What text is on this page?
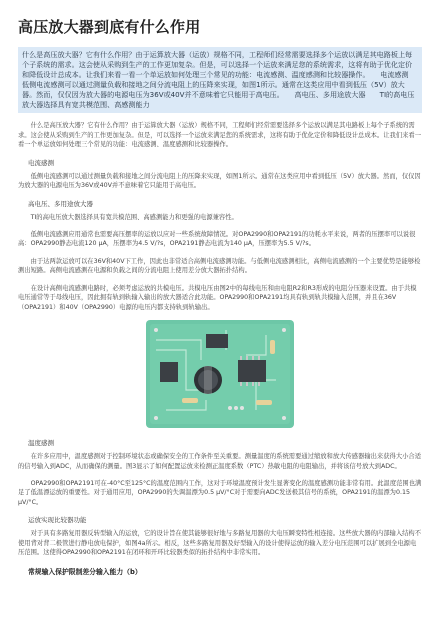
高压放大器到底有什么作用
什么是高压放大器？它有什么作用？由于运算放大器（运放）规格不同，工程师们经常需要选择多个运放以满足其电路板上每个子系统的需求。这会使从采购到生产的工作更加复杂。但是，可以选择一个运放来满足您的系统需求，这将有助于优化定价和降低设计总成本。让我们来看一看一个单运放如何处理三个常见的功能：电流感测、温度感测和比较器操作。　　电流感测　　低侧电流感测可以通过测量负载和接地之间分流电阻上的压降来实现，如图1所示。通常在这类应用中看到低压（5V）放大器。然而，仅仅因为放大器的电源电压为36V或40V并不意味着它只能用于高电压。　　高电压、多用途放大器　　TI的高电压放大器选择具有宽共模范围、高感测能力

什么是高压放大器？它有什么作用？由于运算放大器（运放）规格不同，工程师们经常需要选择多个运放以满足其电路板上每个子系统的需求。这会使从采购到生产的工作更加复杂。但是，可以选择一个运放来满足您的系统需求，这将有助于优化定价和降低设计总成本。让我们来看一看一个单运放如何处理三个常见的功能：电流感测、温度感测和比较器操作。

电流感测

低侧电流感测可以通过测量负载和接地之间分流电阻上的压降来实现，如图1所示。通常在这类应用中看到低压（5V）放大器。然而，仅仅因为放大器的电源电压为36V或40V并不意味着它只能用于高电压。

高电压、多用途放大器

TI的高电压放大器选择具有宽共模范围、高感测能力和更强的电源兼容性。

低侧电流感测应用通常也需要高压摆率的运放以应对一些系统故障情况。对OPA2990和OPA2191的功耗水平来说，两者的压摆率可以说很高：OPA2990静态电流120 μA，压摆率为4.5 V/?s，OPA2191静态电流为140 μA，压摆率为5.5 V/?s。

由于达两款运放可以在36V和40V下工作，因此也非常适合高侧电流感测功能。与低侧电流感测相比，高侧电流感测的一个主要优势是能够检测出短路。高侧电流感测在电源和负载之间的分流电阻上使用差分放大器拓扑结构。

在设计高侧电流感测电路时，必须考虑运放的共模电压。共模电压由图2中的每线电压和由电阻R2和R3形成的电阻分压器来设置。由于共模电压通常等于母线电压，因此拥有轨到轨输入输出的放大器适合此功能。OPA2990和OPA2191均具有轨到轨共模输入范围，并且在36V（OPA2191）和40V（OPA2990）电源的电压内都支持轨到轨输出。

温度感测

在许多应用中，温度感测对于控制环境状态或确保安全的工作条件至关重要。测量温度的系统需要通过缩放和放大传感器输出来获得大小合适的信号输入到ADC，从而确保的测量。图3显示了如何配置运放来检测正温度系数（PTC）热敏电阻的电阻输出，并将该信号放大到ADC。

OPA2990和OPA2191可在-40°C至125°C的温度范围内工作，这对于环境温度预计发生显著变化的温度感测功能非常有用。此温度范围也满足了低温漂运放的重要性。对于通用应用，OPA2990的失调温漂为0.5 μV/°C对于需要向ADC发送极其信号的系统，OPA2191的温漂为0.15 μV/°C。

运放实现比较器功能

对于具有多路复用器反转型输入的运放，它的设计旨在使其能够很好地与多路复用器的大电压瞬变特性相连接。这些放大器的内部输入结构不使用背对背二极管进行静电放电保护，如图4a所示。相反，这些多路复用器及好型输入的设计使得运放的输入差分电压范围可以扩展到全电源电压范围。这使得OPA2990和OPA2191在闭环和开环比较器类似的拓扑结构中非常实用。

常规输入保护限制差分输入能力（b）
